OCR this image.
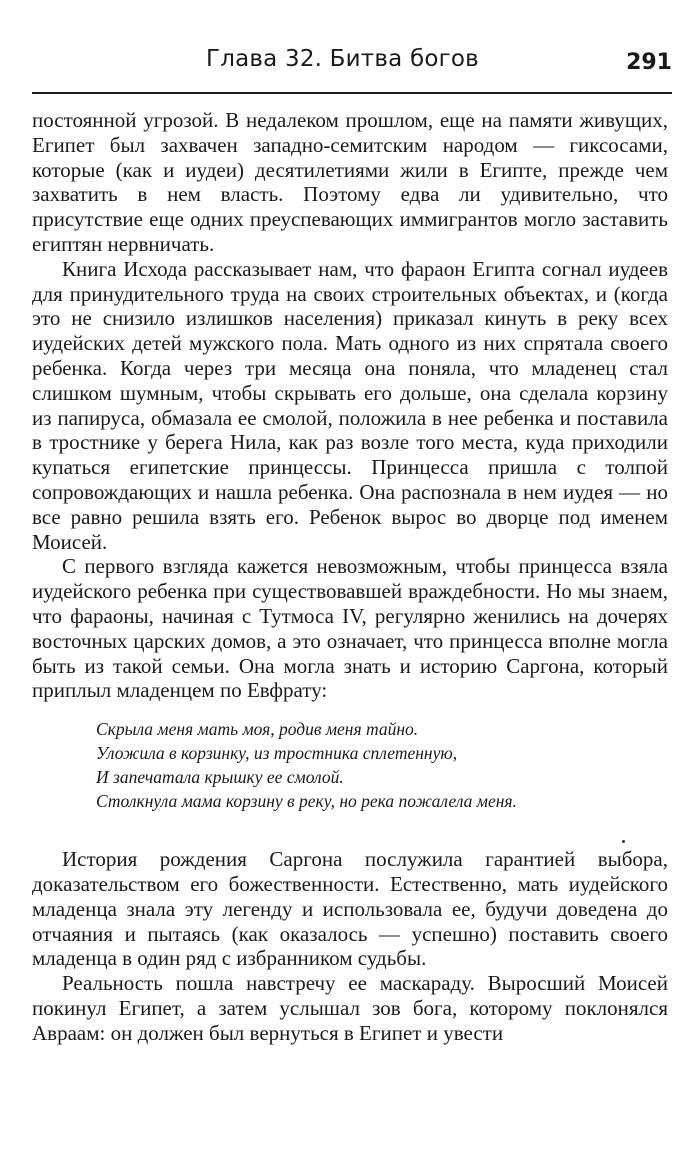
Глава 32. Битва богов	291

постоянной угрозой. В недалеком прошлом, еще на памяти живущих, Египет был захвачен западно-семитским народом — гиксосами, которые (как и иудеи) десятилетиями жили в Египте, прежде чем захватить в нем власть. Поэтому едва ли удивительно, что присутствие еще одних преуспевающих иммигрантов могло заставить египтян нервничать.

Книга Исхода рассказывает нам, что фараон Египта согнал иудеев для принудительного труда на своих строительных объектах, и (когда это не снизило излишков населения) приказал кинуть в реку всех иудейских детей мужского пола. Мать одного из них спрятала своего ребенка. Когда через три месяца она поняла, что младенец стал слишком шумным, чтобы скрывать его дольше, она сделала корзину из папируса, обмазала ее смолой, положила в нее ребенка и поставила в тростнике у берега Нила, как раз возле того места, куда приходили купаться египетские принцессы. Принцесса пришла с толпой сопровождающих и нашла ребенка. Она распознала в нем иудея — но все равно решила взять его. Ребенок вырос во дворце под именем Моисей.

С первого взгляда кажется невозможным, чтобы принцесса взяла иудейского ребенка при существовавшей враждебности. Но мы знаем, что фараоны, начиная с Тутмоса IV, регулярно женились на дочерях восточных царских домов, а это означает, что принцесса вполне могла быть из такой семьи. Она могла знать и историю Саргона, который приплыл младенцем по Евфрату:

Скрыла меня мать моя, родив меня тайно.
Уложила в корзинку, из тростника сплетенную,
И запечатала крышку ее смолой.
Столкнула мама корзину в реку, но река пожалела меня.

История рождения Саргона послужила гарантией выбора, доказательством его божественности. Естественно, мать иудейского младенца знала эту легенду и использовала ее, будучи доведена до отчаяния и пытаясь (как оказалось — успешно) поставить своего младенца в один ряд с избранником судьбы.

Реальность пошла навстречу ее маскараду. Выросший Моисей покинул Египет, а затем услышал зов бога, которому поклонялся Авраам: он должен был вернуться в Египет и увести
